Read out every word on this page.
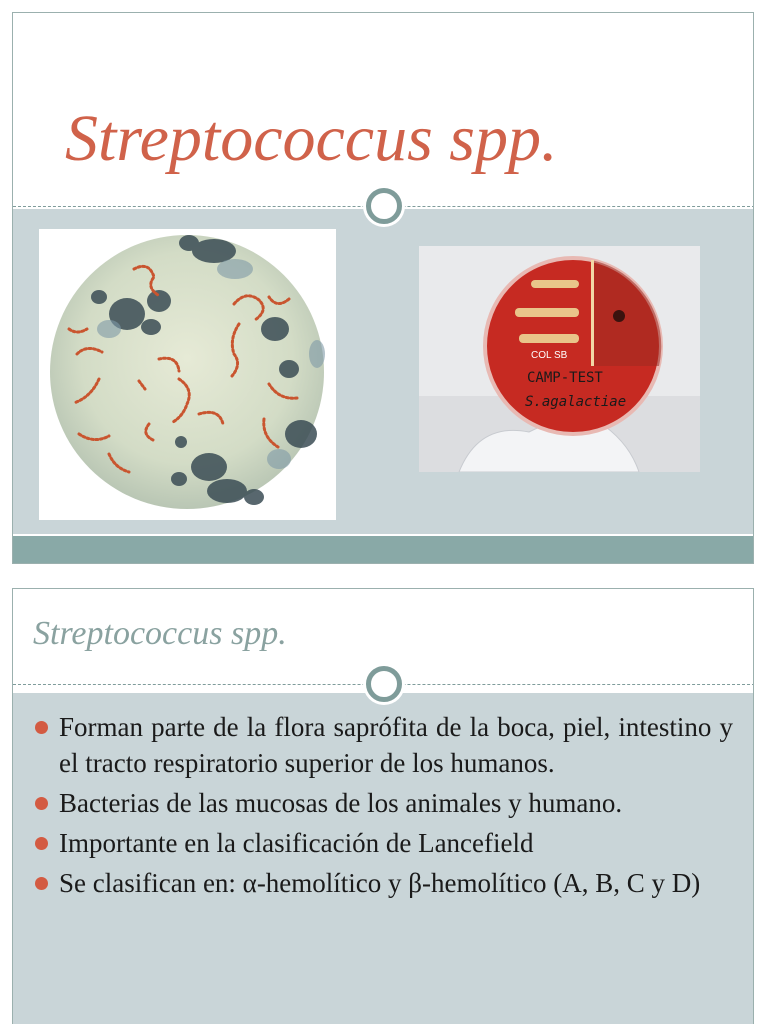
Streptococcus spp.
COL SB
CAMP-TEST
S.agalactiae
Streptococcus spp.
Forman parte de la flora saprófita de la boca, piel, intestino y el tracto respiratorio superior de los humanos.
Bacterias de las mucosas de los animales y humano.
Importante en la clasificación de Lancefield
Se clasifican en: α-hemolítico y β-hemolítico (A, B, C y D)
